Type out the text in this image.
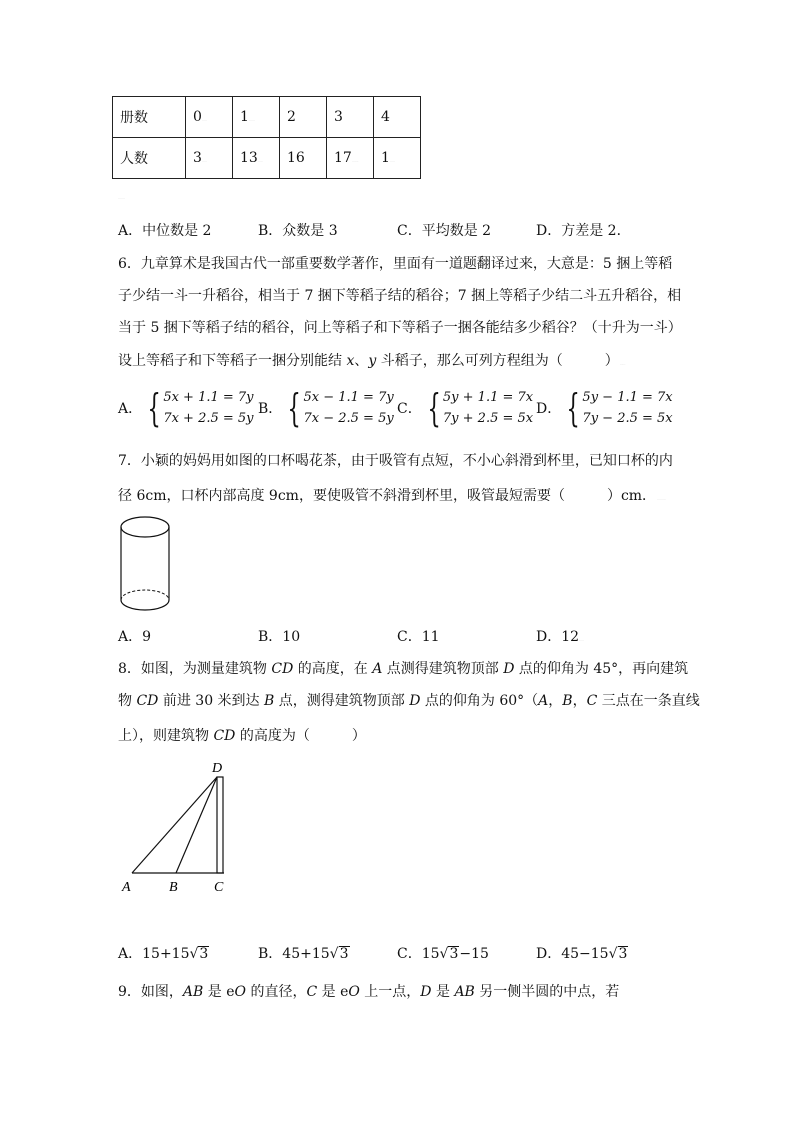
册数	0.....	1......	2	3	4
人数	3.....	13.....	16	17.......	1.....
.......
A．中位数是 2	B．众数是 3	C．平均数是 2	D．方差是 2．
6．九章算术是我国古代一部重要数学著作，里面有一道题翻译过来，大意是：5 捆上等稻
子少结一斗一升稻谷，相当于 7 捆下等稻子结的稻谷；7 捆上等稻子少结二斗五升稻谷，相
当于 5 捆下等稻子结的稻谷，问上等稻子和下等稻子一捆各能结多少稻谷？（十升为一斗）
设上等稻子和下等稻子一捆分别能结 x、y 斗稻子，那么可列方程组为（　　　） ......
A． { 5x + 1.1 = 7y
7x + 2.5 = 5y
B． { 5x − 1.1 = 7y
7x − 2.5 = 5y
C． { 5y + 1.1 = 7x
7y + 2.5 = 5x
D． { 5y − 1.1 = 7x
7y − 2.5 = 5x
7．小颖的妈妈用如图的口杯喝花茶，由于吸管有点短，不小心斜滑到杯里，已知口杯的内
径 6cm，口杯内部高度 9cm，要使吸管不斜滑到杯里，吸管最短需要（　　　）cm． .........
A．9	B．10	C．11	D．12.....
8．如图，为测量建筑物 CD 的高度，在 A 点测得建筑物顶部 D 点的仰角为 45°，再向建筑
物 CD 前进 30 米到达 B 点，测得建筑物顶部 D 点的仰角为 60°（A，B，C 三点在一条直线
上），则建筑物 CD 的高度为（　　　）
D
A	B	C
A．15+15√3	B．45+15√3	C．15√3−15	D．45−15√3
9．如图，AB 是 eO 的直径，C 是 eO 上一点，D 是 AB 另一侧半圆的中点，若
